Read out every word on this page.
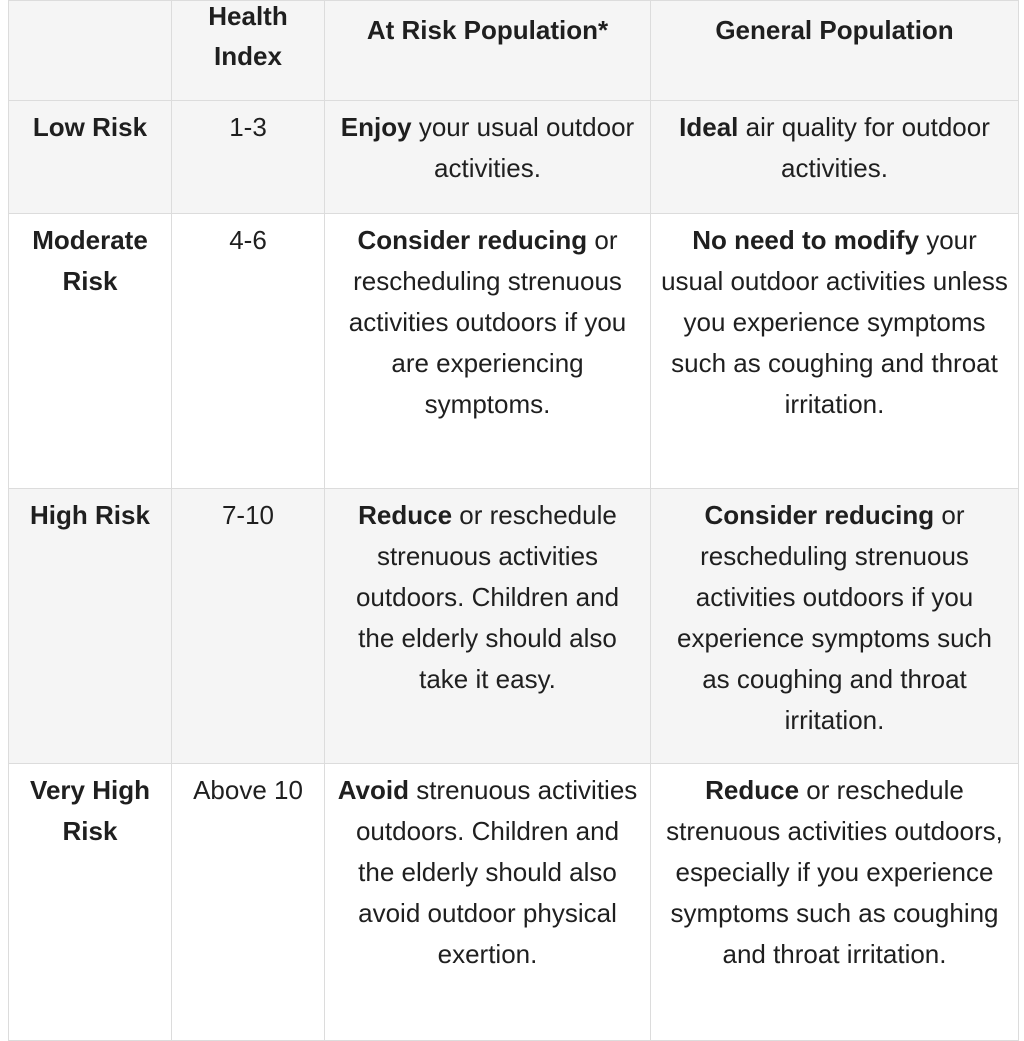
	Health Index	At Risk Population*	General Population
Low Risk	1-3	Enjoy your usual outdoor activities.	Ideal air quality for outdoor activities.
Moderate Risk	4-6	Consider reducing or rescheduling strenuous activities outdoors if you are experiencing symptoms.	No need to modify your usual outdoor activities unless you experience symptoms such as coughing and throat irritation.
High Risk	7-10	Reduce or reschedule strenuous activities outdoors. Children and the elderly should also take it easy.	Consider reducing or rescheduling strenuous activities outdoors if you experience symptoms such as coughing and throat irritation.
Very High Risk	Above 10	Avoid strenuous activities outdoors. Children and the elderly should also avoid outdoor physical exertion.	Reduce or reschedule strenuous activities outdoors, especially if you experience symptoms such as coughing and throat irritation.
